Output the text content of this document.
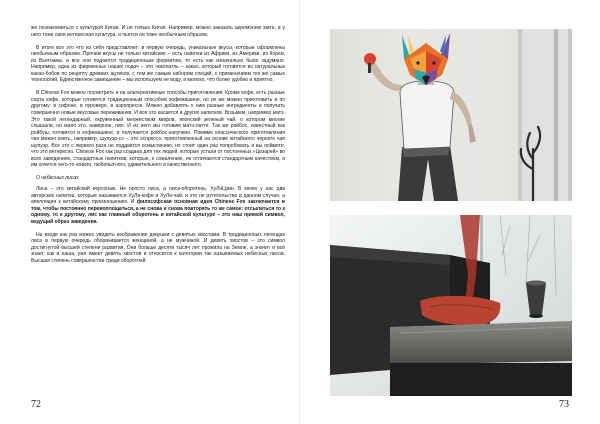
же познакомиться с культурой Китая. И не только Китая. Например, можно заказать церемонию мате, а у него тоже своя интересная культура, и пьется он тоже необычным образом.

В итоге все это что из себя представляет: в первую очередь, уникальные вкусы, которые оформлены необычным образом. Причем вкусы не только китайские – есть напитки из Африки, из Америки, из Кореи, из Вьетнама, и все они подаются традиционным форматом, то есть как изначально было задумано. Например, одна из фирменных наших подач – это чоколатль – какао, который готовится из натуральных какао-бобов по рецепту древних ацтеков, с тем же самым набором специй, с применением тех же самых технологий. Единственное замещение – мы используем не воду, а молоко, что более удобно и приятно.

В Chinese Fox можно посмотреть и на альтернативные способы приготовления. Кроме кофе, есть разные сорта кофе, которые готовятся традиционным способом кофемашине, но их же можно приготовить и по другому: в сифоне, в пуровере, в аэропрессе. Можно добавлять к ним разные ингредиенты и получать совершенно новые вкусовые переживания. И все это касается и других напитков. Возьмем, например матэ. Это такой легендарный, окруженный множеством мифов, японский зеленый чай, о котором многие слышали, но мало кто, наверное, пил. И из него мы готовим матэ-латте. Так же ройбос, известный как ройбуш, готовится в кофемашине, и получается ройбос-капучино. Помимо классического приготовления чая можно взять, например, шупуэр-со – это эспрессо, приготовленный на основе китайского черного чая шупуэр. Все это с первого раза не поддается осмыслению, но стоит один раз попробовать и вы поймете, что это интересно. Chinese Fox как раз создана для тех людей, которые устали от постоянных «Цезарей» во всех заведениях, стандартных напитков, которые, к сожалению, не отличаются стандартным качеством, и им хочется чего-то нового, любопытного, удивительного и качественного.

О небесных лисах

Лиса – это китайский персонаж. Не просто лиса, а лиса-оборотень, ХуЛиЦзин. В меню у нас два авторских напитка, которые называются ХуЛи-кофе и ХуЛи-чай, и это не рутительство в данном случае, а апелляция к китайскому произношению. И философская основная идея Chinese Fox заключается в том, чтобы постоянно перевоплощаться, а не снова и снова повторять то же самое: отсылаться то к одному, то к другому, лис как главный оборотень в китайской культуре – это наш прямой символ, ведущий образ заведения.

На входе как раз можно увидеть изображение девушки с девятью хвостами. В традиционных легендах лиса в первую очередь оборачивается женщиной, а не мужчиной. И девять хвостов – это символ достигнутой высшей степени развития. Они больше десяти тысяч лет прожила на Земле, а значит и всё знает, как и наша, уже имеет девять хвостов и относится к категории так называемых небесных лисов. Высшая степень совершенства среди оборотней.

72	73
